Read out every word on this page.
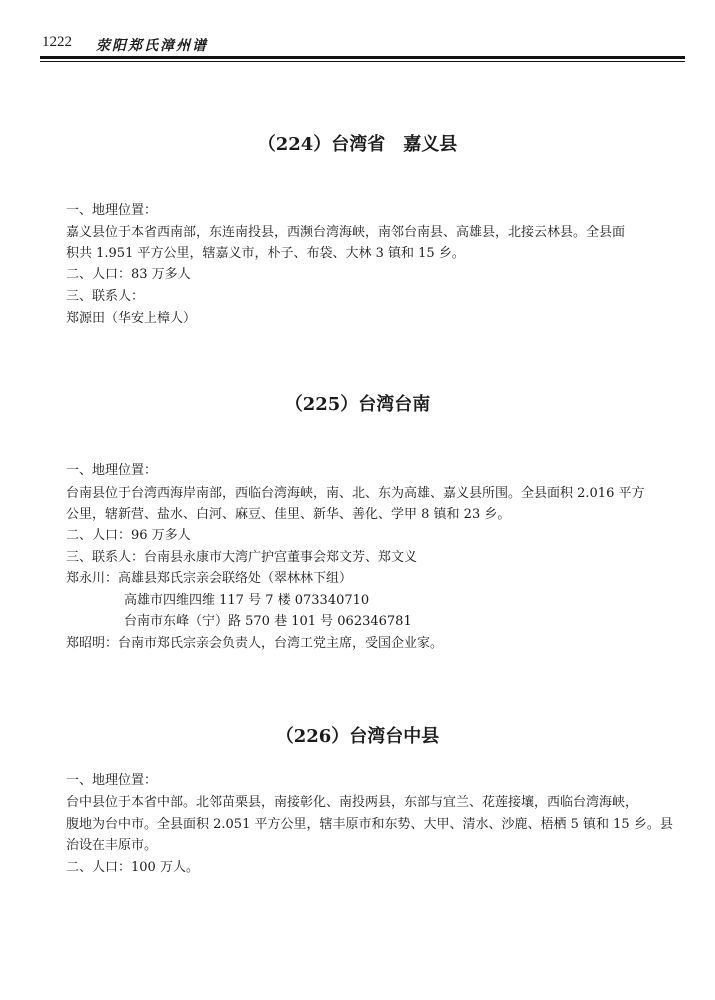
1222 荥阳郑氏漳州谱
（224）台湾省　嘉义县
一、地理位置：
嘉义县位于本省西南部，东连南投县，西濒台湾海峡，南邻台南县、高雄县，北接云林县。全县面
积共 1.951 平方公里，辖嘉义市，朴子、布袋、大林 3 镇和 15 乡。
二、人口：83 万多人
三、联系人：
郑源田（华安上樟人）
（225）台湾台南
一、地理位置：
台南县位于台湾西海岸南部，西临台湾海峡，南、北、东为高雄、嘉义县所围。全县面积 2.016 平方
公里，辖新营、盐水、白河、麻豆、佳里、新华、善化、学甲 8 镇和 23 乡。
二、人口：96 万多人
三、联系人：台南县永康市大湾广护宫董事会郑文芳、郑文义
郑永川：高雄县郑氏宗亲会联络处（翠林林下组）
高雄市四维四维 117 号 7 楼 073340710
台南市东峰（宁）路 570 巷 101 号 062346781
郑昭明：台南市郑氏宗亲会负责人，台湾工党主席，受国企业家。
（226）台湾台中县
一、地理位置：
台中县位于本省中部。北邻苗栗县，南接彰化、南投两县，东部与宜兰、花莲接壤，西临台湾海峡，
腹地为台中市。全县面积 2.051 平方公里，辖丰原市和东势、大甲、清水、沙鹿、梧栖 5 镇和 15 乡。县
治设在丰原市。
二、人口：100 万人。
